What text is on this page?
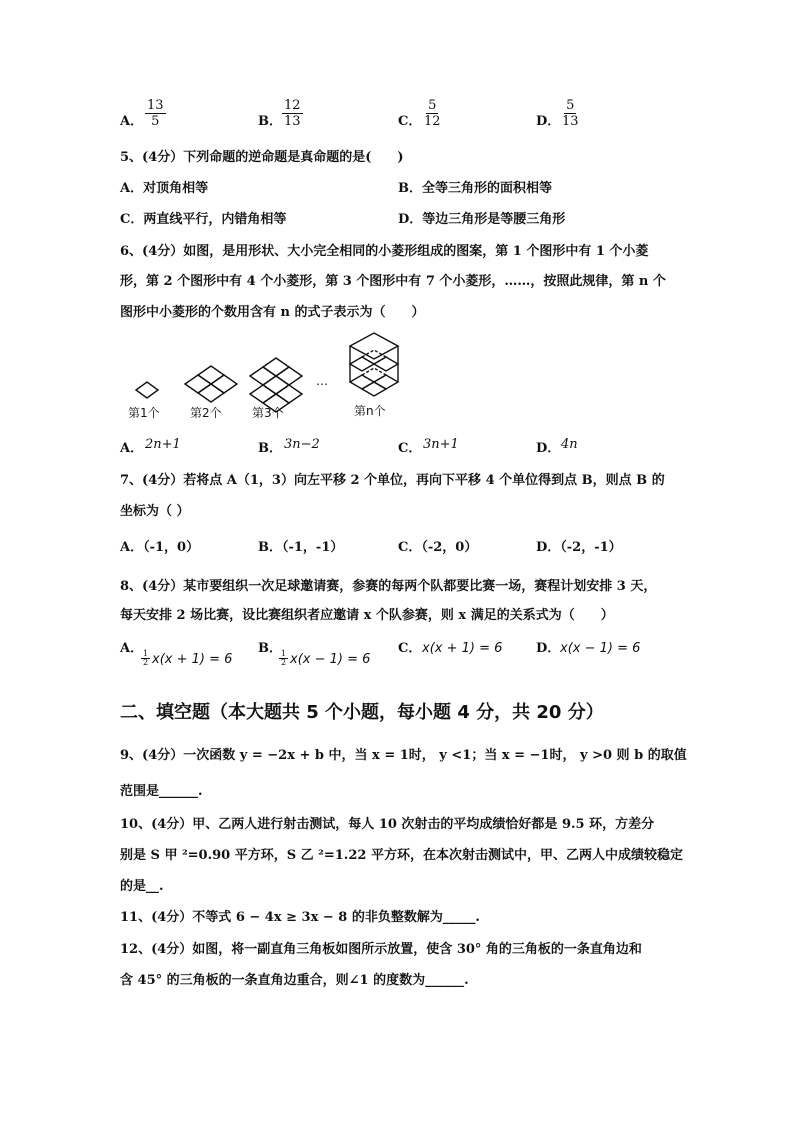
A． $\frac{13}{5}$	B． $\frac{12}{13}$	C． $\frac{5}{12}$	D． $\frac{5}{13}$
5、(4分）下列命题的逆命题是真命题的是(　　)
A．对顶角相等	B．全等三角形的面积相等
C．两直线平行，内错角相等	D．等边三角形是等腰三角形
6、(4分）如图，是用形状、大小完全相同的小菱形组成的图案，第 1 个图形中有 1 个小菱
形，第 2 个图形中有 4 个小菱形，第 3 个图形中有 7 个小菱形，……，按照此规律，第 n 个
图形中小菱形的个数用含有 n 的式子表示为（　　）
第1个	第2个	第3个
…
第n个
A． 2n+1	B． 3n−2	C． 3n+1	D． 4n
7、(4分）若将点 A（1，3）向左平移 2 个单位，再向下平移 4 个单位得到点 B，则点 B 的
坐标为（ ）
A．（-1，0）	B．（-1，-1）	C．（-2，0）	D．（-2，-1）
8、(4分）某市要组织一次足球邀请赛，参赛的每两个队都要比赛一场，赛程计划安排 3 天，
每天安排 2 场比赛，设比赛组织者应邀请 x 个队参赛，则 x 满足的关系式为（　　）
A．
$\frac{1}{2} x(x + 1) = 6$
B．
$\frac{1}{2} x(x - 1) = 6$
C． x(x + 1) = 6	D． x(x − 1) = 6
二、填空题（本大题共 5 个小题，每小题 4 分，共 20 分）
9、(4分）一次函数 y = −2x + b 中，当 x = 1时， y <1；当 x = −1时， y >0 则 b 的取值
范围是______.
10、(4分）甲、乙两人进行射击测试，每人 10 次射击的平均成绩恰好都是 9.5 环，方差分
别是 S 甲 ²=0.90 平方环，S 乙 ²=1.22 平方环，在本次射击测试中，甲、乙两人中成绩较稳定
的是__.
11、(4分）不等式 6 − 4x ≥ 3x − 8 的非负整数解为_____.
12、(4分）如图，将一副直角三角板如图所示放置，使含 30° 角的三角板的一条直角边和
含 45° 的三角板的一条直角边重合，则∠1 的度数为______.
